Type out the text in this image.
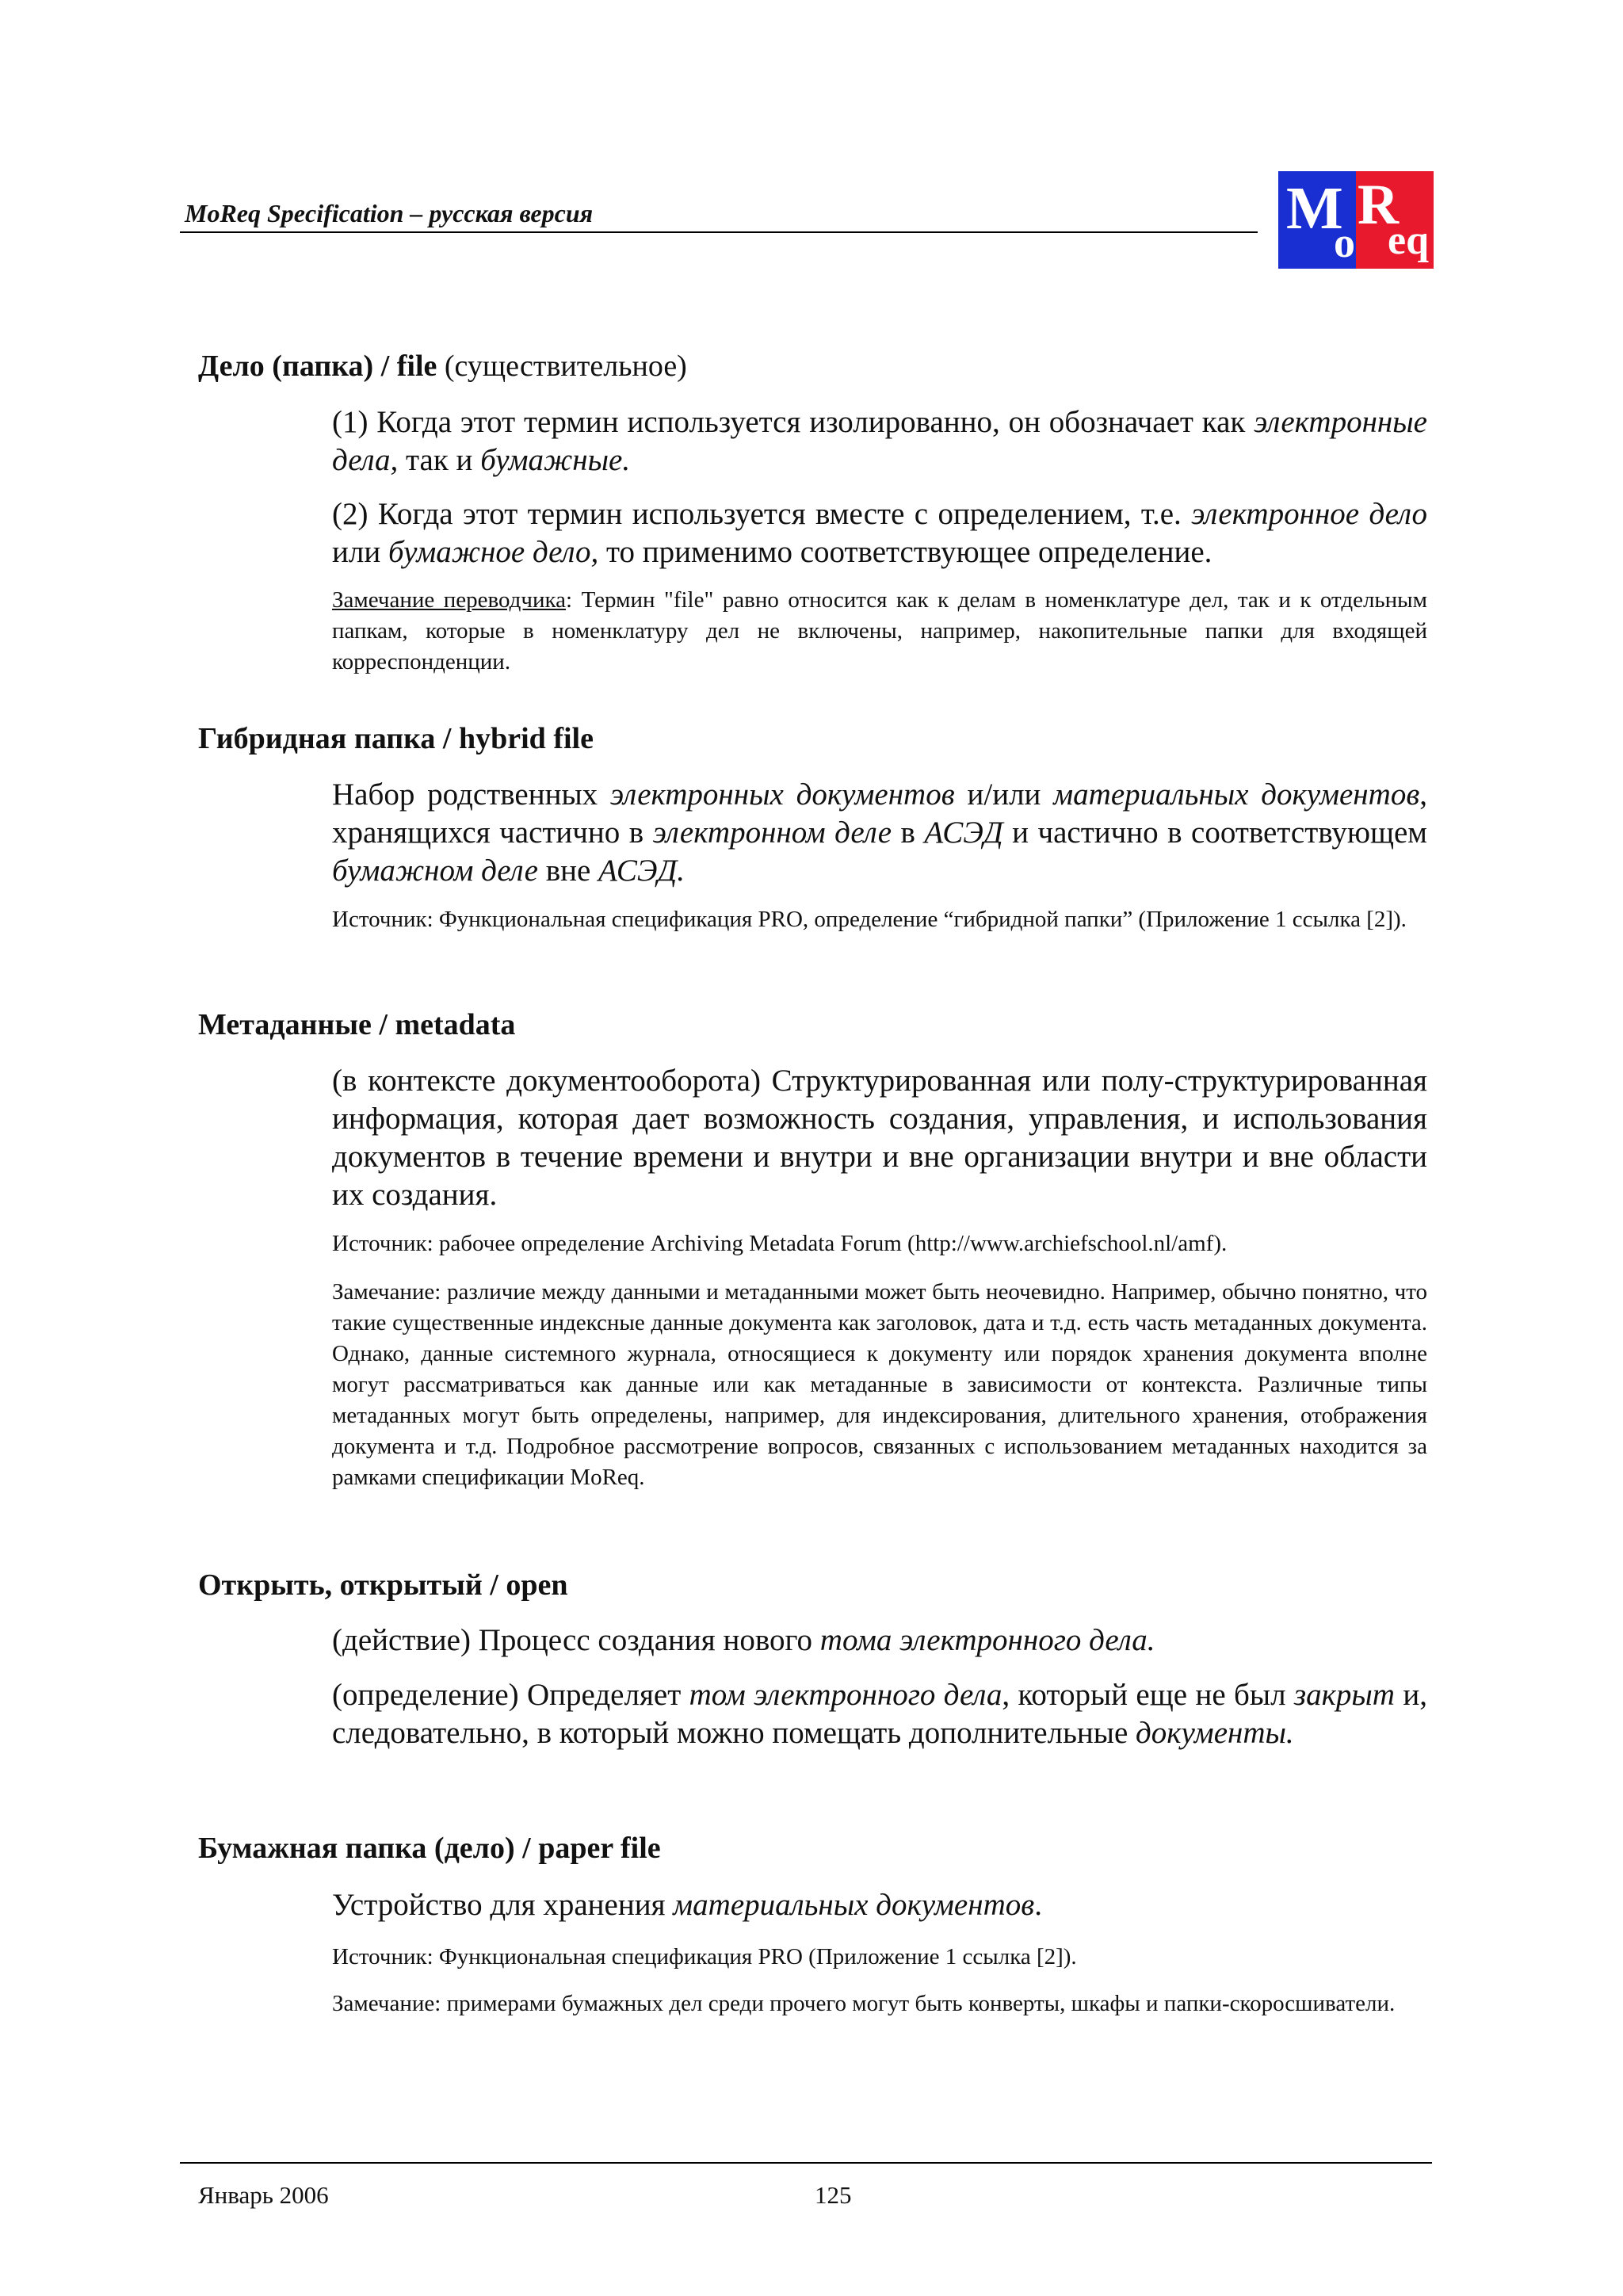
MoReq Specification – русская версия	M
o
R
eq
Дело (папка) / file (существительное)
(1) Когда этот термин используется изолированно, он обозначает как электронные дела, так и бумажные.
(2) Когда этот термин используется вместе с определением, т.е. электронное дело или бумажное дело, то применимо соответствующее определение.
Замечание переводчика: Термин "file" равно относится как к делам в номенклатуре дел, так и к отдельным папкам, которые в номенклатуру дел не включены, например, накопительные папки для входящей корреспонденции.
Гибридная папка / hybrid file
Набор родственных электронных документов и/или материальных документов, хранящихся частично в электронном деле в АСЭД и частично в соответствующем бумажном деле вне АСЭД.
Источник: Функциональная спецификация PRO, определение “гибридной папки” (Приложение 1 ссылка [2]).
Метаданные / metadata
(в контексте документооборота) Структурированная или полу-структурированная информация, которая дает возможность создания, управления, и использования документов в течение времени и внутри и вне организации внутри и вне области их создания.
Источник: рабочее определение Archiving Metadata Forum (http://www.archiefschool.nl/amf).
Замечание: различие между данными и метаданными может быть неочевидно. Например, обычно понятно, что такие существенные индексные данные документа как заголовок, дата и т.д. есть часть метаданных документа. Однако, данные системного журнала, относящиеся к документу или порядок хранения документа вполне могут рассматриваться как данные или как метаданные в зависимости от контекста. Различные типы метаданных могут быть определены, например, для индексирования, длительного хранения, отображения документа и т.д. Подробное рассмотрение вопросов, связанных с использованием метаданных находится за рамками спецификации MoReq.
Открыть, открытый / open
(действие) Процесс создания нового тома электронного дела.
(определение) Определяет том электронного дела, который еще не был закрыт и, следовательно, в который можно помещать дополнительные документы.
Бумажная папка (дело) / paper file
Устройство для хранения материальных документов.
Источник: Функциональная спецификация PRO (Приложение 1 ссылка [2]).
Замечание: примерами бумажных дел среди прочего могут быть конверты, шкафы и папки-скоросшиватели.
Январь 2006	125
